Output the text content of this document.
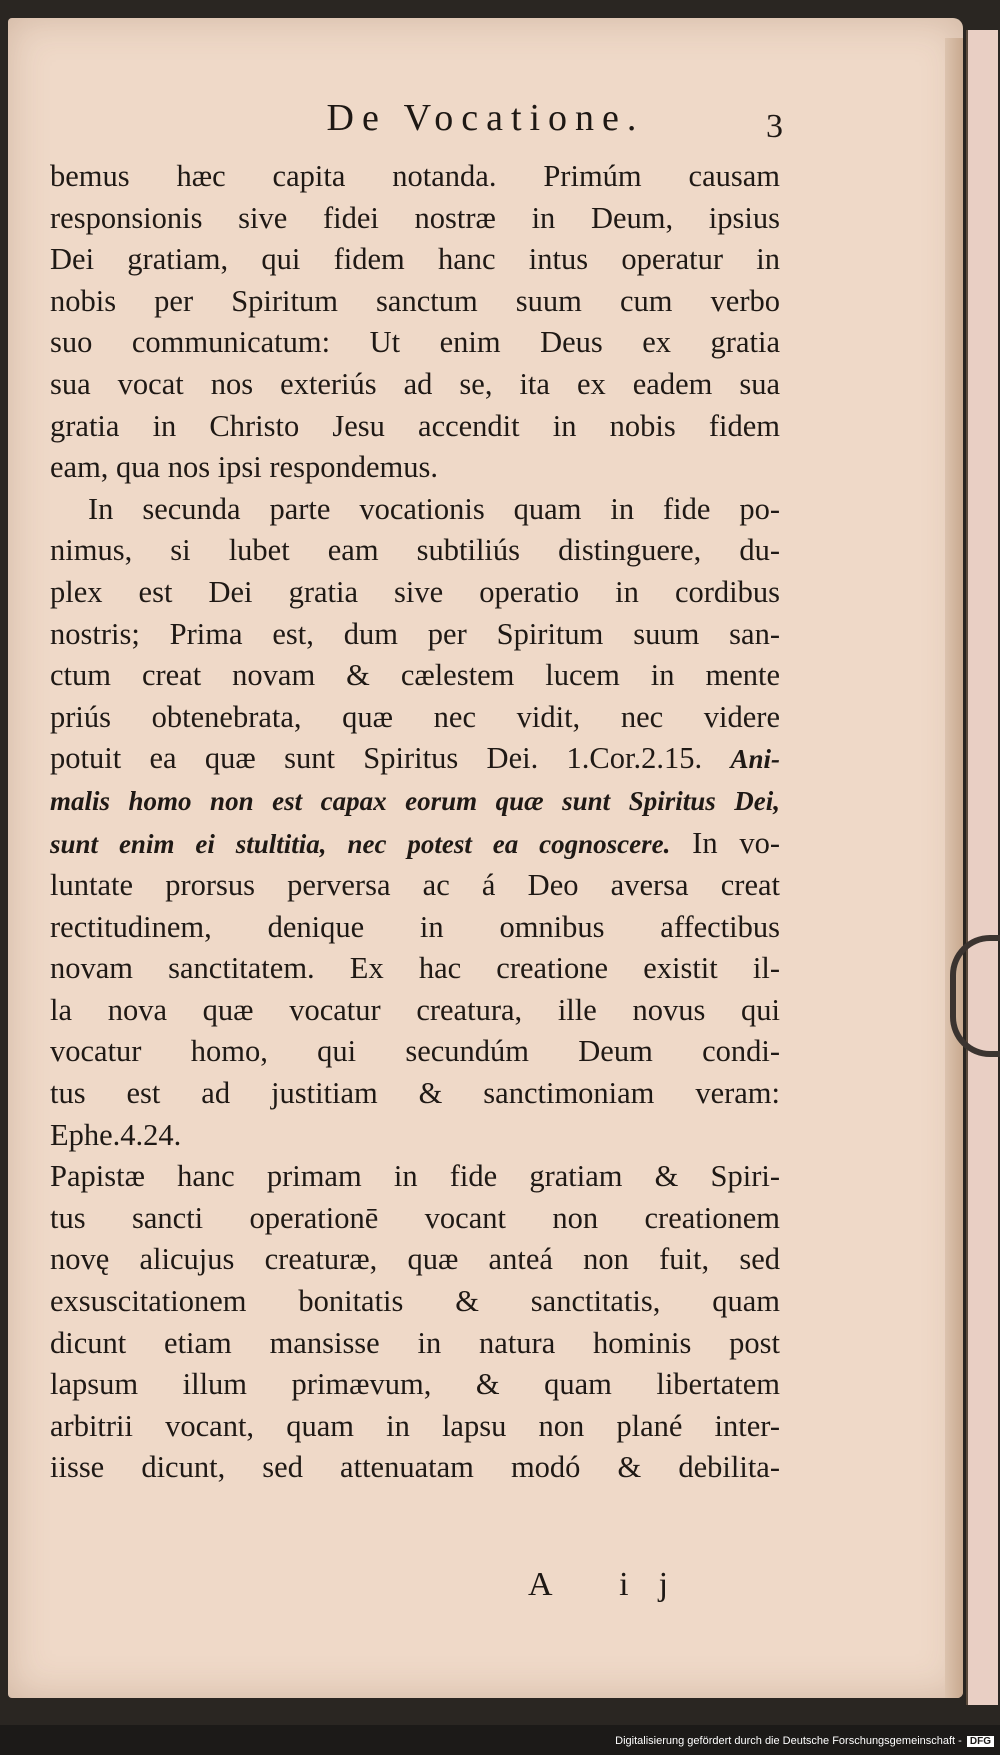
De Vocatione.	3
bemus hæc capita notanda. Primúm causam
responsionis sive fidei nostræ in Deum, ipsius
Dei gratiam, qui fidem hanc intus operatur in
nobis per Spiritum sanctum suum cum verbo
suo communicatum: Ut enim Deus ex gratia
sua vocat nos exteriús ad se, ita ex eadem sua
gratia in Christo Jesu accendit in nobis fidem
eam, qua nos ipsi respondemus.
In secunda parte vocationis quam in fide po-
nimus, si lubet eam subtiliús distinguere, du-
plex est Dei gratia sive operatio in cordibus
nostris; Prima est, dum per Spiritum suum san-
ctum creat novam & cælestem lucem in mente
priús obtenebrata, quæ nec vidit, nec videre
potuit ea quæ sunt Spiritus Dei. 1.Cor.2.15. Ani-
malis homo non est capax eorum quæ sunt Spiritus Dei,
sunt enim ei stultitia, nec potest ea cognoscere. In vo-
luntate prorsus perversa ac á Deo aversa creat
rectitudinem, denique in omnibus affectibus
novam sanctitatem. Ex hac creatione existit il-
la nova quæ vocatur creatura, ille novus qui
vocatur homo, qui secundúm Deum condi-
tus est ad justitiam & sanctimoniam veram:
Ephe.4.24.
Papistæ hanc primam in fide gratiam & Spiri-
tus sancti operationē vocant non creationem
novę alicujus creaturæ, quæ anteá non fuit, sed
exsuscitationem bonitatis & sanctitatis, quam
dicunt etiam mansisse in natura hominis post
lapsum illum primævum, & quam libertatem
arbitrii vocant, quam in lapsu non plané inter-
iisse dicunt, sed attenuatam modó & debilita-
A ij
Digitalisierung gefördert durch die Deutsche Forschungsgemeinschaft - DFG
